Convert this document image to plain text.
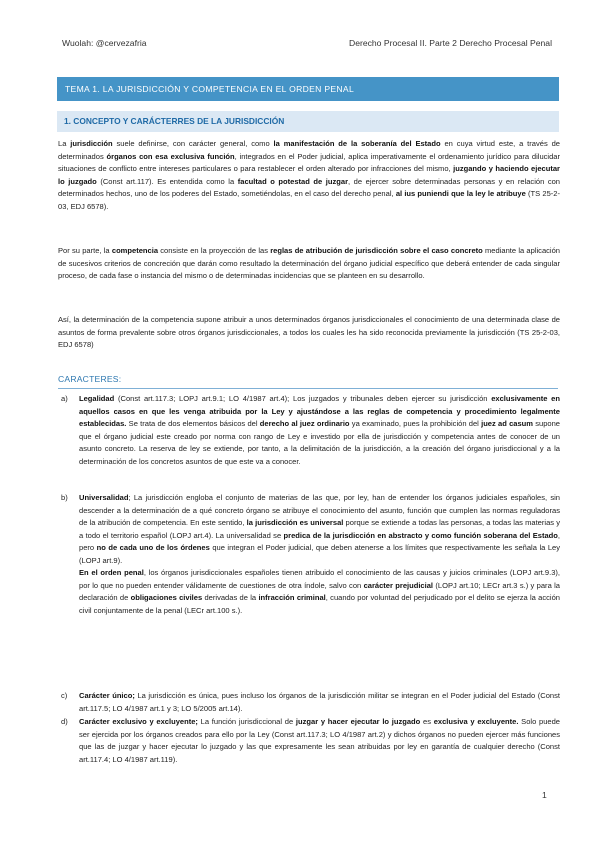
Wuolah: @cervezafria	Derecho Procesal II. Parte 2 Derecho Procesal Penal
TEMA 1. LA JURISDICCIÓN Y COMPETENCIA EN EL ORDEN PENAL
1. CONCEPTO Y CARÁCTERRES DE LA JURISDICCIÓN

La jurisdicción suele definirse, con carácter general, como la manifestación de la soberanía del Estado en cuya virtud este, a través de determinados órganos con esa exclusiva función, integrados en el Poder judicial, aplica imperativamente el ordenamiento jurídico para dilucidar situaciones de conflicto entre intereses particulares o para restablecer el orden alterado por infracciones del mismo, juzgando y haciendo ejecutar lo juzgado (Const art.117). Es entendida como la facultad o potestad de juzgar, de ejercer sobre determinadas personas y en relación con determinados hechos, uno de los poderes del Estado, sometiéndolas, en el caso del derecho penal, al ius puniendi que la ley le atribuye (TS 25-2-03, EDJ 6578).

Por su parte, la competencia consiste en la proyección de las reglas de atribución de jurisdicción sobre el caso concreto mediante la aplicación de sucesivos criterios de concreción que darán como resultado la determinación del órgano judicial específico que deberá entender de cada singular proceso, de cada fase o instancia del mismo o de determinadas incidencias que se planteen en su desarrollo.

Así, la determinación de la competencia supone atribuir a unos determinados órganos jurisdiccionales el conocimiento de una determinada clase de asuntos de forma prevalente sobre otros órganos jurisdiccionales, a todos los cuales les ha sido reconocida previamente la jurisdicción (TS 25-2-03, EDJ 6578)

CARACTERES:
a) Legalidad (Const art.117.3; LOPJ art.9.1; LO 4/1987 art.4); Los juzgados y tribunales deben ejercer su jurisdicción exclusivamente en aquellos casos en que les venga atribuida por la Ley y ajustándose a las reglas de competencia y procedimiento legalmente establecidas. Se trata de dos elementos básicos del derecho al juez ordinario ya examinado, pues la prohibición del juez ad casum supone que el órgano judicial este creado por norma con rango de Ley e investido por ella de jurisdicción y competencia antes de conocer de un asunto concreto. La reserva de ley se extiende, por tanto, a la delimitación de la jurisdicción, a la creación del órgano jurisdiccional y a la determinación de los concretos asuntos de que este va a conocer.

b) Universalidad; La jurisdicción engloba el conjunto de materias de las que, por ley, han de entender los órganos judiciales españoles, sin descender a la determinación de a qué concreto órgano se atribuye el conocimiento del asunto, función que cumplen las normas reguladoras de la atribución de competencia. En este sentido, la jurisdicción es universal porque se extiende a todas las personas, a todas las materias y a todo el territorio español (LOPJ art.4). La universalidad se predica de la jurisdicción en abstracto y como función soberana del Estado, pero no de cada uno de los órdenes que integran el Poder judicial, que deben atenerse a los límites que respectivamente les señala la Ley (LOPJ art.9).

En el orden penal, los órganos jurisdiccionales españoles tienen atribuido el conocimiento de las causas y juicios criminales (LOPJ art.9.3), por lo que no pueden entender válidamente de cuestiones de otra índole, salvo con carácter prejudicial (LOPJ art.10; LECr art.3 s.) y para la declaración de obligaciones civiles derivadas de la infracción criminal, cuando por voluntad del perjudicado por el delito se ejerza la acción civil conjuntamente de la penal (LECr art.100 s.).

c) Carácter único; La jurisdicción es única, pues incluso los órganos de la jurisdicción militar se integran en el Poder judicial del Estado (Const art.117.5; LO 4/1987 art.1 y 3; LO 5/2005 art.14).

d) Carácter exclusivo y excluyente; La función jurisdiccional de juzgar y hacer ejecutar lo juzgado es exclusiva y excluyente. Solo puede ser ejercida por los órganos creados para ello por la Ley (Const art.117.3; LO 4/1987 art.2) y dichos órganos no pueden ejercer más funciones que las de juzgar y hacer ejecutar lo juzgado y las que expresamente les sean atribuidas por ley en garantía de cualquier derecho (Const art.117.4; LO 4/1987 art.119).

1
